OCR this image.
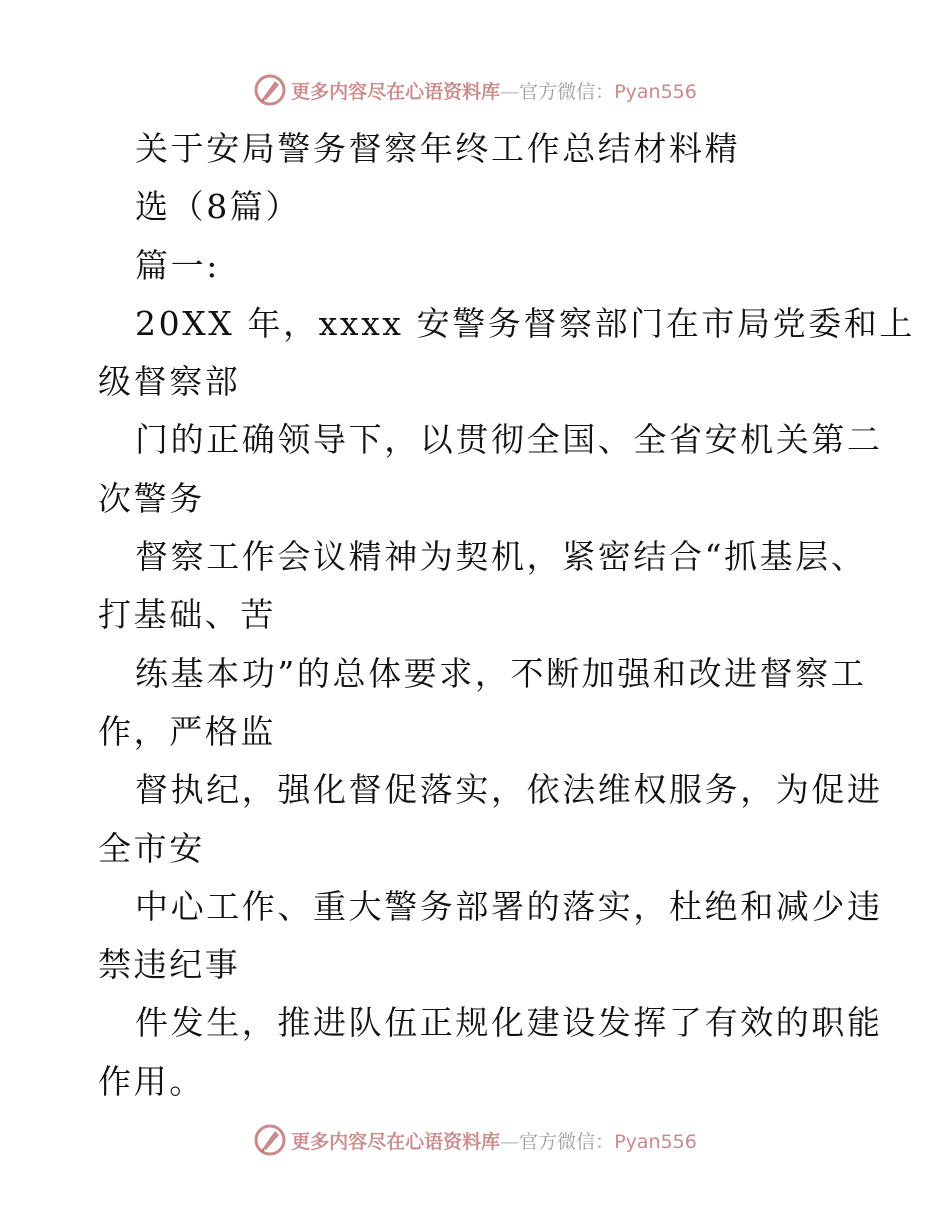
更多内容尽在心语资料库—官方微信：Pyan556
关于安局警务督察年终工作总结材料精
选（8篇）
篇一:
20XX 年，xxxx 安警务督察部门在市局党委和上
级督察部
门的正确领导下，以贯彻全国、全省安机关第二
次警务
督察工作会议精神为契机，紧密结合“抓基层、
打基础、苦
练基本功”的总体要求，不断加强和改进督察工
作，严格监
督执纪，强化督促落实，依法维权服务，为促进
全市安
中心工作、重大警务部署的落实，杜绝和减少违
禁违纪事
件发生，推进队伍正规化建设发挥了有效的职能
作用。
更多内容尽在心语资料库—官方微信：Pyan556
